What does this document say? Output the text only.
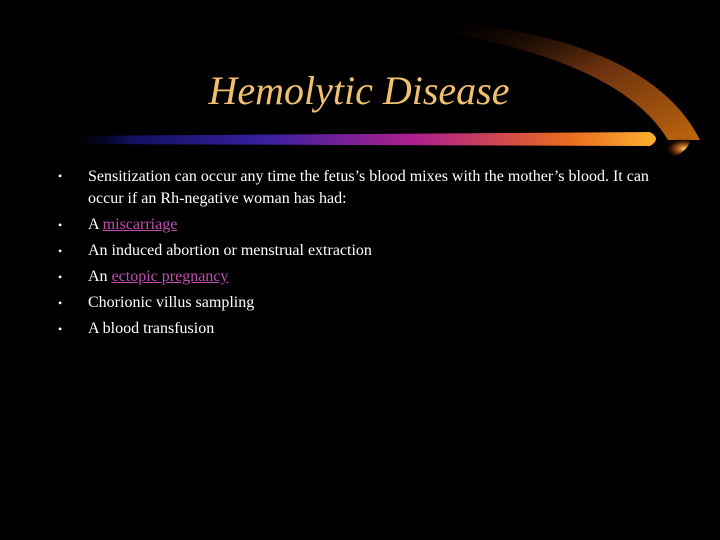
Hemolytic Disease
• Sensitization can occur any time the fetus’s blood mixes with the mother’s blood. It can occur if an Rh-negative woman has had:
• A miscarriage
• An induced abortion or menstrual extraction
• An ectopic pregnancy
• Chorionic villus sampling
• A blood transfusion
